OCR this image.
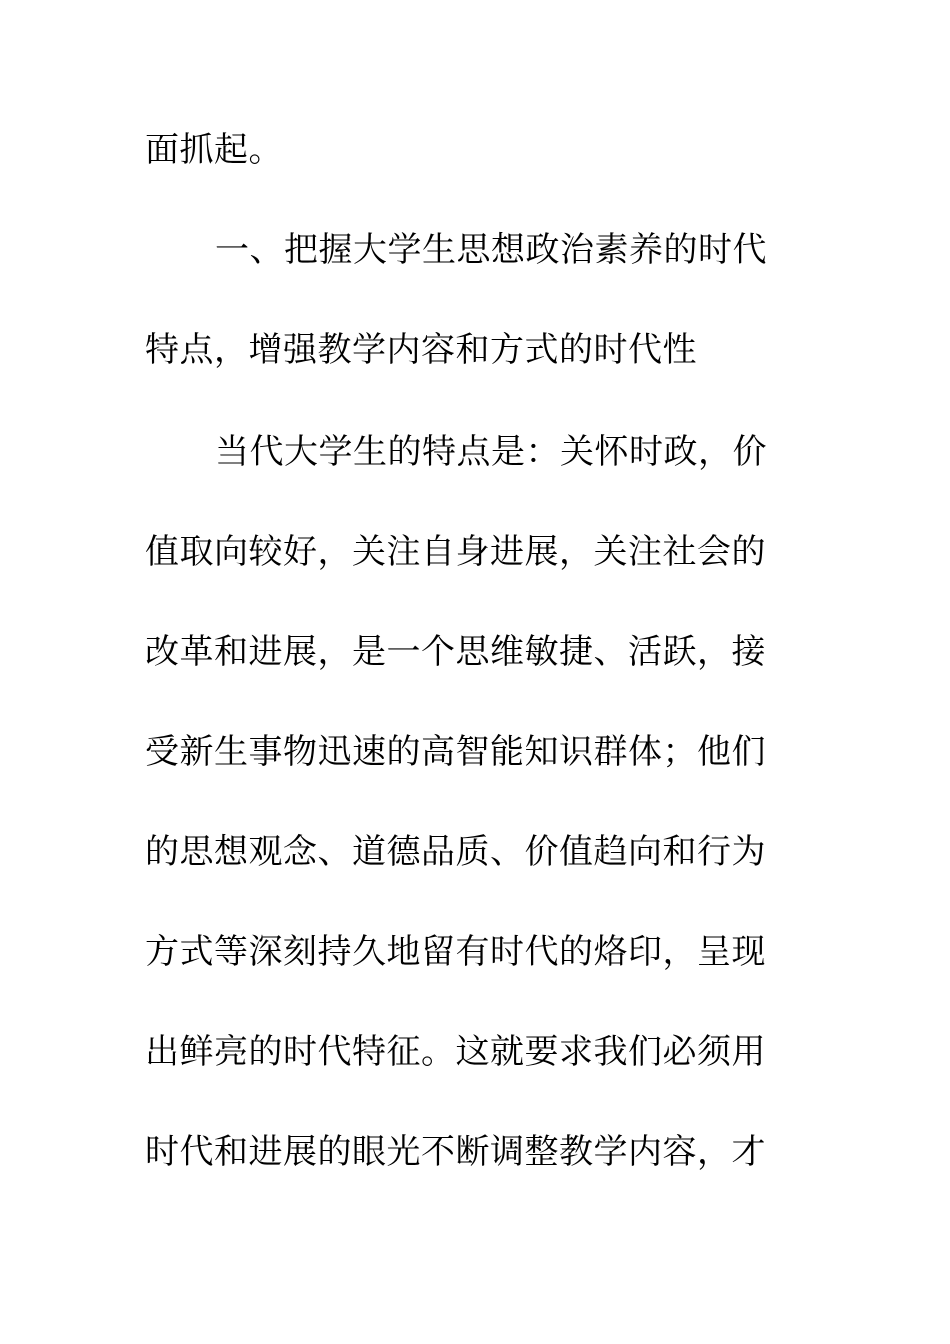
面抓起。
一、把握大学生思想政治素养的时代
特点，增强教学内容和方式的时代性
当代大学生的特点是：关怀时政，价
值取向较好，关注自身进展，关注社会的
改革和进展，是一个思维敏捷、活跃，接
受新生事物迅速的高智能知识群体；他们
的思想观念、道德品质、价值趋向和行为
方式等深刻持久地留有时代的烙印，呈现
出鲜亮的时代特征。这就要求我们必须用
时代和进展的眼光不断调整教学内容，才
